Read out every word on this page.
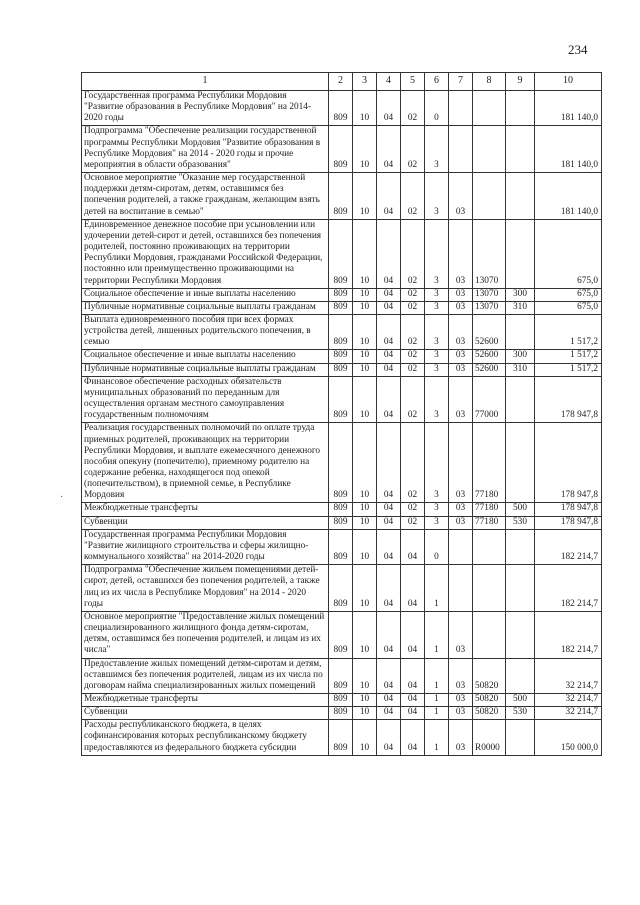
234
·
1	2	3	4	5	6	7	8	9	10
Государственная программа Республики Мордовия "Развитие образования в Республике Мордовия" на 2014-2020 годы	809	10	04	02	0				181 140,0
Подпрограмма "Обеспечение реализации государственной программы Республики Мордовия "Развитие образования в Республике Мордовия" на 2014 - 2020 годы и прочие мероприятия в области образования"	809	10	04	02	3				181 140,0
Основное мероприятие "Оказание мер государственной поддержки детям-сиротам, детям, оставшимся без попечения родителей, а также гражданам, желающим взять детей на воспитание в семью"	809	10	04	02	3	03			181 140,0
Единовременное денежное пособие при усыновлении или удочерении детей-сирот и детей, оставшихся без попечения родителей, постоянно проживающих на территории Республики Мордовия, гражданами Российской Федерации, постоянно или преимущественно проживающими на территории Республики Мордовия	809	10	04	02	3	03	13070		675,0
Социальное обеспечение и иные выплаты населению	809	10	04	02	3	03	13070	300	675,0
Публичные нормативные социальные выплаты гражданам	809	10	04	02	3	03	13070	310	675,0
Выплата единовременного пособия при всех формах устройства детей, лишенных родительского попечения, в семью	809	10	04	02	3	03	52600		1 517,2
Социальное обеспечение и иные выплаты населению	809	10	04	02	3	03	52600	300	1 517,2
Публичные нормативные социальные выплаты гражданам	809	10	04	02	3	03	52600	310	1 517,2
Финансовое обеспечение расходных обязательств муниципальных образований по переданным для осуществления органам местного самоуправления государственным полномочиям	809	10	04	02	3	03	77000		178 947,8
Реализация государственных полномочий по оплате труда приемных родителей, проживающих на территории Республики Мордовия, и выплате ежемесячного денежного пособия опекуну (попечителю), приемному родителю на содержание ребенка, находящегося под опекой (попечительством), в приемной семье, в Республике Мордовия	809	10	04	02	3	03	77180		178 947,8
Межбюджетные трансферты	809	10	04	02	3	03	77180	500	178 947,8
Субвенции	809	10	04	02	3	03	77180	530	178 947,8
Государственная программа Республики Мордовия "Развитие жилищного строительства и сферы жилищно-коммунального хозяйства" на 2014-2020 годы	809	10	04	04	0				182 214,7
Подпрограмма "Обеспечение жильем помещениями детей-сирот, детей, оставшихся без попечения родителей, а также лиц из их числа в Республике Мордовия" на 2014 - 2020 годы	809	10	04	04	1				182 214,7
Основное мероприятие "Предоставление жилых помещений специализированного жилищного фонда детям-сиротам, детям, оставшимся без попечения родителей, и лицам из их числа"	809	10	04	04	1	03			182 214,7
Предоставление жилых помещений детям-сиротам и детям, оставшимся без попечения родителей, лицам из их числа по договорам найма специализированных жилых помещений	809	10	04	04	1	03	50820		32 214,7
Межбюджетные трансферты	809	10	04	04	1	03	50820	500	32 214,7
Субвенции	809	10	04	04	1	03	50820	530	32 214,7
Расходы республиканского бюджета, в целях софинансирования которых республиканскому бюджету предоставляются из федерального бюджета субсидии	809	10	04	04	1	03	R0000		150 000,0
